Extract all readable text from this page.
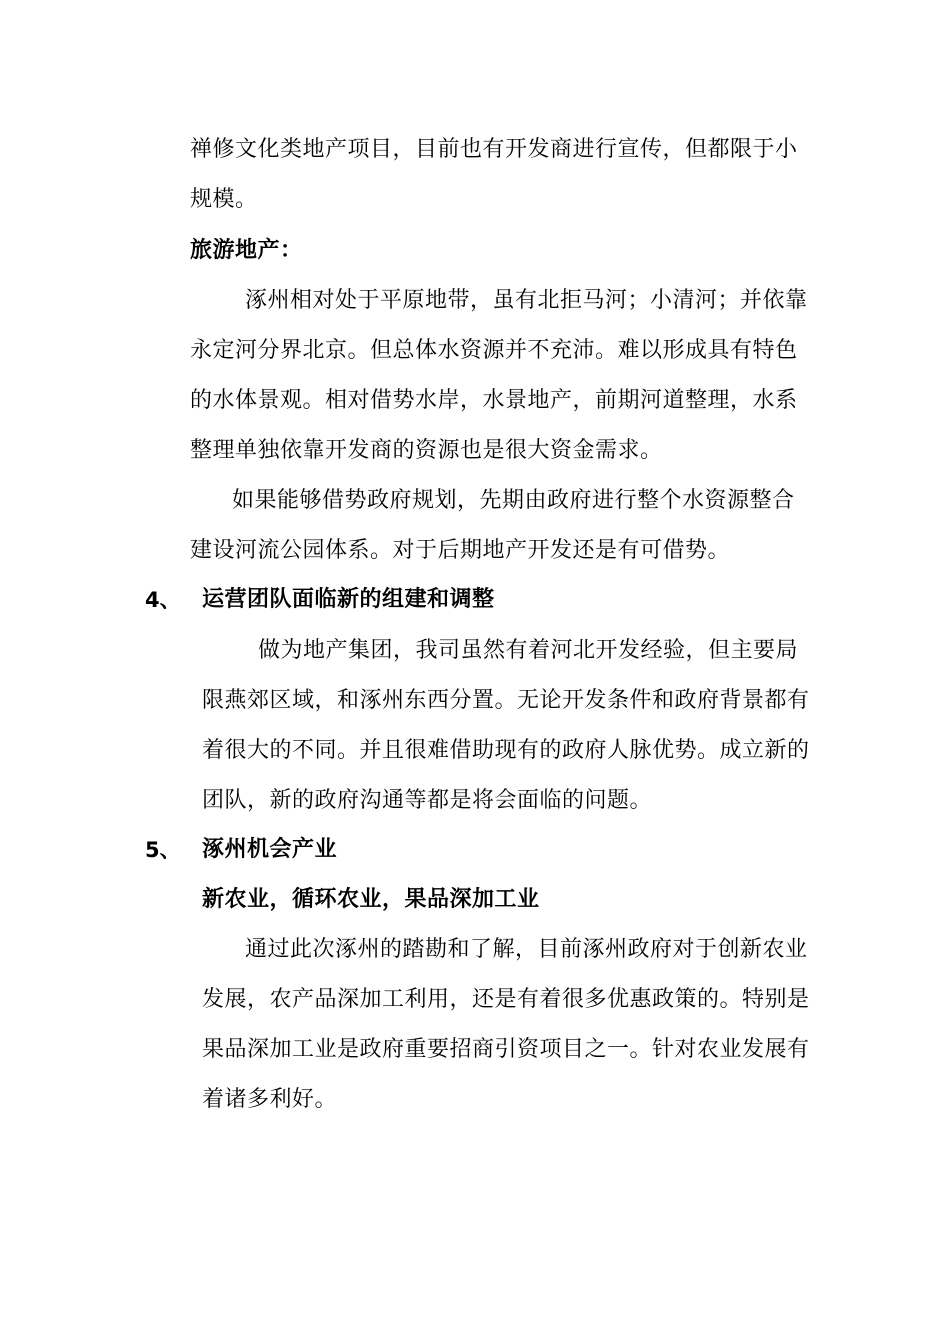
禅修文化类地产项目，目前也有开发商进行宣传，但都限于小
规模。
旅游地产：
涿州相对处于平原地带，虽有北拒马河；小清河；并依靠
永定河分界北京。但总体水资源并不充沛。难以形成具有特色
的水体景观。相对借势水岸，水景地产，前期河道整理，水系
整理单独依靠开发商的资源也是很大资金需求。
如果能够借势政府规划，先期由政府进行整个水资源整合
建设河流公园体系。对于后期地产开发还是有可借势。
4、 运营团队面临新的组建和调整
做为地产集团，我司虽然有着河北开发经验，但主要局
限燕郊区域，和涿州东西分置。无论开发条件和政府背景都有
着很大的不同。并且很难借助现有的政府人脉优势。成立新的
团队，新的政府沟通等都是将会面临的问题。
5、 涿州机会产业
新农业，循环农业，果品深加工业
通过此次涿州的踏勘和了解，目前涿州政府对于创新农业
发展，农产品深加工利用，还是有着很多优惠政策的。特别是
果品深加工业是政府重要招商引资项目之一。针对农业发展有
着诸多利好。
